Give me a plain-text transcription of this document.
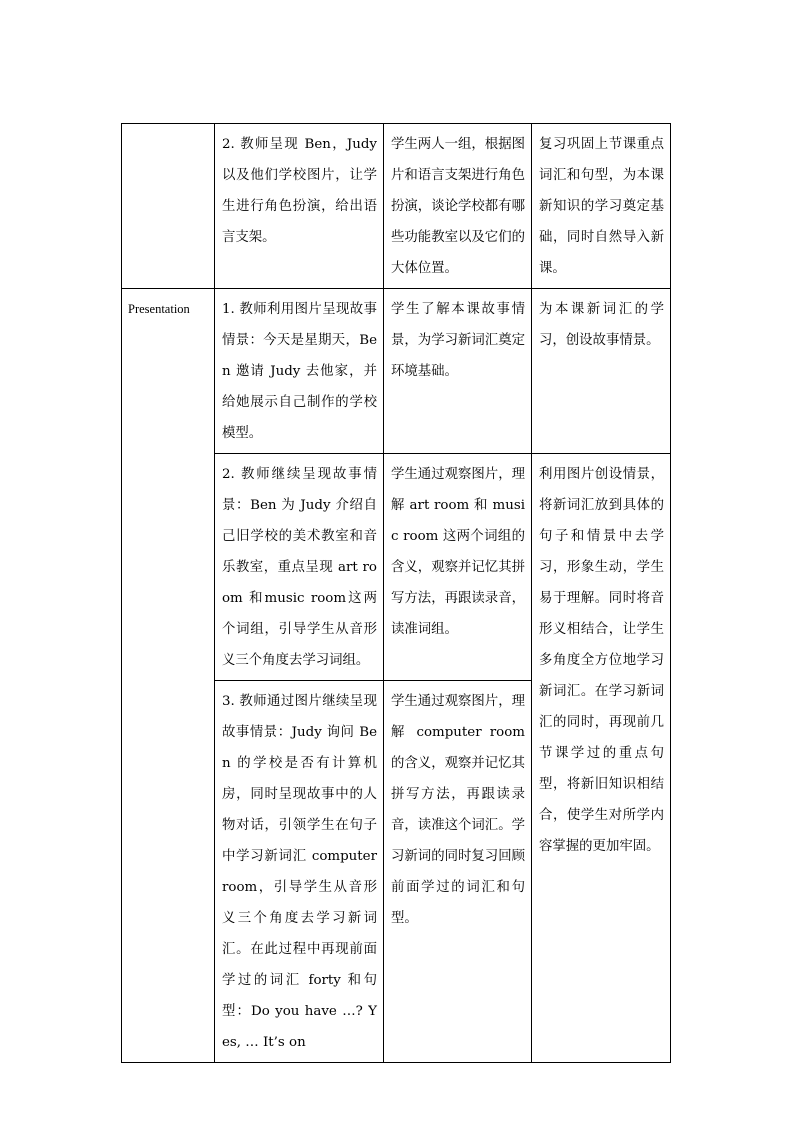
	2. 教师呈现 Ben，Judy以及他们学校图片，让学生进行角色扮演，给出语言支架。	学生两人一组，根据图片和语言支架进行角色扮演，谈论学校都有哪些功能教室以及它们的大体位置。	复习巩固上节课重点词汇和句型，为本课新知识的学习奠定基础，同时自然导入新课。

Presentation	1. 教师利用图片呈现故事情景：今天是星期天，Ben 邀请 Judy 去他家，并给她展示自己制作的学校模型。	学生了解本课故事情景，为学习新词汇奠定环境基础。	为本课新词汇的学习，创设故事情景。

	2. 教师继续呈现故事情景：Ben 为 Judy 介绍自己旧学校的美术教室和音乐教室，重点呈现 art room 和music room这两个词组，引导学生从音形义三个角度去学习词组。	学生通过观察图片，理解 art room 和 music room 这两个词组的含义，观察并记忆其拼写方法，再跟读录音，读准词组。	利用图片创设情景，将新词汇放到具体的句子和情景中去学习，形象生动，学生易于理解。同时将音形义相结合，让学生多角度全方位地学习新词汇。在学习新词汇的同时，再现前几节课学过的重点句型，将新旧知识相结合，使学生对所学内容掌握的更加牢固。

	3. 教师通过图片继续呈现故事情景：Judy 询问 Ben 的学校是否有计算机房，同时呈现故事中的人物对话，引领学生在句子中学习新词汇 computer room，引导学生从音形义三个角度去学习新词汇。在此过程中再现前面学过的词汇 forty 和句型：Do you have …? Yes, … It’s on	学生通过观察图片，理解 computer room 的含义，观察并记忆其拼写方法，再跟读录音，读准这个词汇。学习新词的同时复习回顾前面学过的词汇和句型。	
